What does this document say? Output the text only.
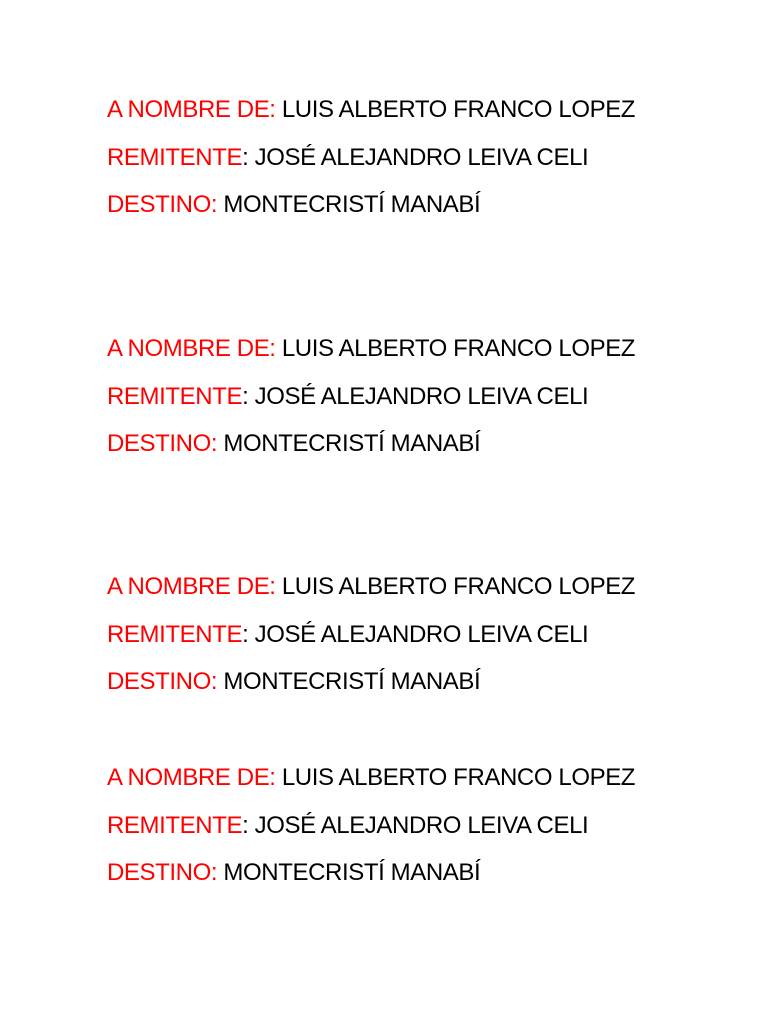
A NOMBRE DE: LUIS ALBERTO FRANCO LOPEZ
REMITENTE: JOSÉ ALEJANDRO LEIVA CELI
DESTINO: MONTECRISTÍ MANABÍ
A NOMBRE DE: LUIS ALBERTO FRANCO LOPEZ
REMITENTE: JOSÉ ALEJANDRO LEIVA CELI
DESTINO: MONTECRISTÍ MANABÍ
A NOMBRE DE: LUIS ALBERTO FRANCO LOPEZ
REMITENTE: JOSÉ ALEJANDRO LEIVA CELI
DESTINO: MONTECRISTÍ MANABÍ
A NOMBRE DE: LUIS ALBERTO FRANCO LOPEZ
REMITENTE: JOSÉ ALEJANDRO LEIVA CELI
DESTINO: MONTECRISTÍ MANABÍ
